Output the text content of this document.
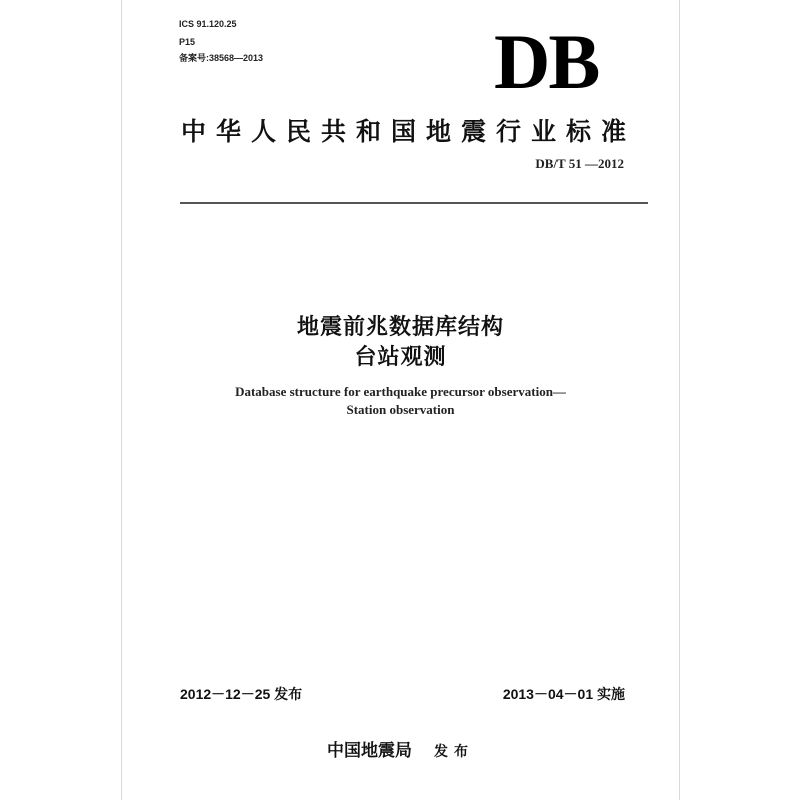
ICS 91.120.25
P15
备案号:38568—2013	DB
中华人民共和国地震行业标准
DB/T 51 —2012
地震前兆数据库结构
台站观测
Database structure for earthquake precursor observation—
Station observation
2012－12－25 发布	2013－04－01 实施
中国地震局 发布
